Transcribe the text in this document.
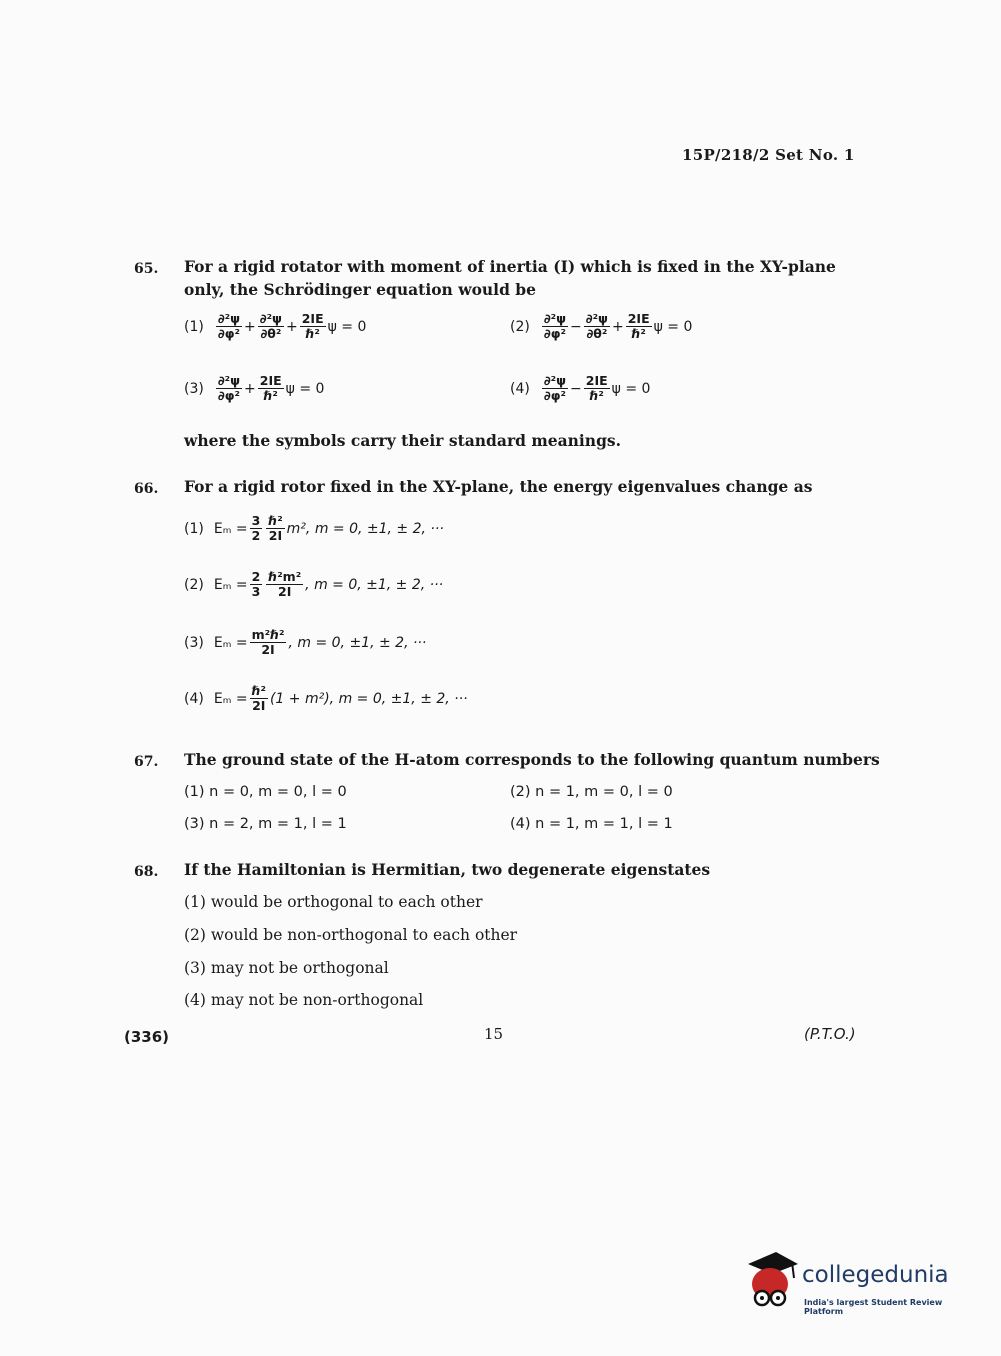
15P/218/2 Set No. 1
65. For a rigid rotator with moment of inertia (I) which is fixed in the XY-plane
only, the Schrödinger equation would be
$(1) \frac{\text{∂²ψ}}{\text{∂φ²}} + \frac{\text{∂²ψ}}{\text{∂θ²}} + \frac{2IE}{\text{ℏ²}}$ ψ = 0	$(2) \frac{\text{∂²ψ}}{\text{∂φ²}} - \frac{\text{∂²ψ}}{\text{∂θ²}} + \frac{2IE}{\text{ℏ²}}$ ψ = 0
$(3) \frac{\text{∂²ψ}}{\text{∂φ²}} + \frac{2IE}{\text{ℏ²}}$ ψ = 0	$(4) \frac{\text{∂²ψ}}{\text{∂φ²}} - \frac{2IE}{\text{ℏ²}}$ ψ = 0
where the symbols carry their standard meanings.
66. For a rigid rotor fixed in the XY-plane, the energy eigenvalues change as
(1) $E_m = \frac{3}{2} \frac{\text{ℏ²}}{2I} m^2$, m = 0, ±1, ± 2, ···
(2) $E_m = \frac{2}{3} \frac{\text{ℏ²m²}}{2I}$ , m = 0, ±1, ± 2, ···
(3) $E_m = \frac{\text{m²ℏ²}}{2I}$ , m = 0, ±1, ± 2, ···
(4) $E_m = \frac{\text{ℏ²}}{2I} (1 + m^2)$, m = 0, ±1, ± 2, ···
67. The ground state of the H-atom corresponds to the following quantum numbers
(1) n = 0, m = 0, l = 0	(2) n = 1, m = 0, l = 0
(3) n = 2, m = 1, l = 1	(4) n = 1, m = 1, l = 1
68. If the Hamiltonian is Hermitian, two degenerate eigenstates
(1) would be orthogonal to each other
(2) would be non-orthogonal to each other
(3) may not be orthogonal
(4) may not be non-orthogonal
(336)	15	(P.T.O.)
collegedunia
India's largest Student Review Platform
